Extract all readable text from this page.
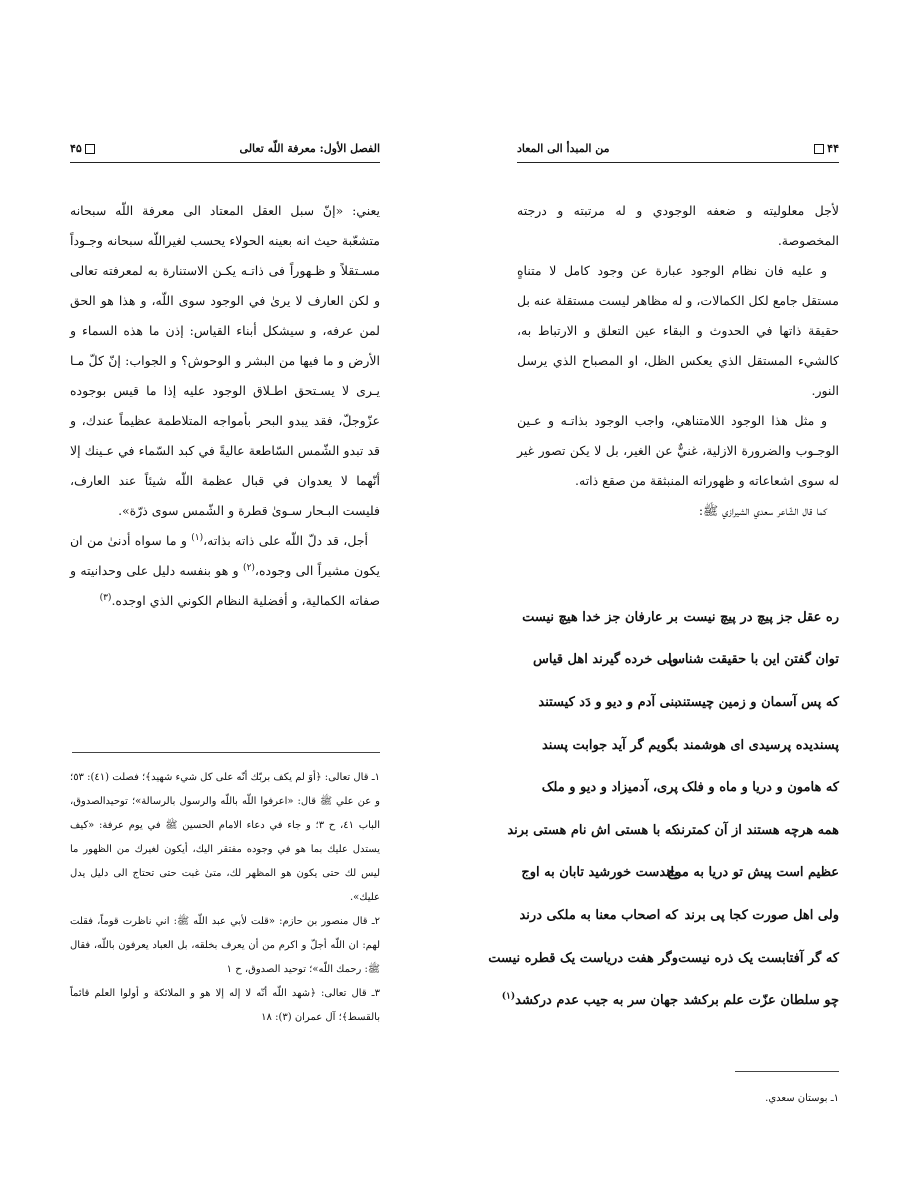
۴۵	الفصل الأول: معرفة اللّه تعالی

یعني: «إنّ سبل العقل المعتاد الی معرفة اللّه سبحانه متشعّبة حیث انه بعینه الحولاء یحسب لغیراللّه سبحانه وجـوداً مسـتقلاً و ظـهوراً فی ذاتـه یکـن الاستنارة به لمعرفته تعالی و لکن العارف لا یریٰ في الوجود سوی اللّه، و هذا هو الحق لمن عرفه، و سیشکل أبناء القیاس: إذن ما هذه السماء و الأرض و ما فیها من البشر و الوحوش؟ و الجواب: إنّ کلّ مـا یـری لا یسـتحق اطـلاق الوجود علیه إذا ما قیس بوجوده عزّوجلّ، فقد یبدو البحر بأمواجه المتلاطمة عظیماً عندك، و قد تبدو الشّمس السّاطعة عالیةً في کبد السّماء في عـینك إلا أنّهما لا یعدوان في قبال عظمة اللّه شیئاً عند العارف، فلیست البـحار سـویٰ قطرة و الشّمس سوی ذرّة».

أجل، قد دلّ اللّه علی ذاته بذاته،$^{(١)}$ و ما سواه أدنیٰ من ان یکون مشیراً الی وجوده،$^{(٢)}$ و هو بنفسه دلیل علی وحدانیته و صفاته الکمالیة، و أفضلیة النظام الکوني الذي اوجده.$^{(٣)}$

١ـ قال تعالی: ﴿أوَ لم یکف بربّك أنّه علی کل شيء شهید﴾؛ فصلت (٤١): ٥٣؛ و عن علي ﷺ قال: «اعرفوا اللّه باللّه والرسول بالرسالة»؛ توحیدالصدوق، الباب ٤١، ح ٣؛ و جاء في دعاء الامام الحسین ﷺ في یوم عرفة: «کیف یستدل علیك بما هو في وجوده مفتقر الیك، أیکون لغیرك من الظهور ما لیس لك حتی یکون هو المظهر لك، متیٰ غبت حتی تحتاج الی دلیل یدل علیك».

٢ـ قال منصور بن حازم: «قلت لأبي عبد اللّه ﷺ: اني ناظرت قوماً، فقلت لهم: ان اللّه أجلّ و اکرم من أن یعرف بخلقه، بل العباد یعرفون باللّه، فقال ﷺ: رحمك اللّه»؛ توحید الصدوق، ح ١

٣ـ قال تعالی: ﴿شهد اللّه أنّه لا إله إلا هو و الملائکة و أولوا العلم قائماً بالقسط﴾؛ آل عمران (٣): ١٨

۴۴
من المبدأ الی المعاد

لأجل معلولیته و ضعفه الوجودي و له مرتبته و درجته المخصوصة.

و علیه فان نظام الوجود عبارة عن وجود کامل لا متناهٍ مستقل جامع لکل الکمالات، و له مظاهر لیست مستقلة عنه بل حقیقة ذاتها في الحدوث و البقاء عین التعلق و الارتباط به، کالشيء المستقل الذي یعکس الظل، او المصباح الذي یرسل النور.

و مثل هذا الوجود اللامتناهي، واجب الوجود بذاتـه و عـین الوجـوب والضرورة الازلیة، غنيٌّ عن الغیر، بل لا یکن تصور غیر له سوی اشعاعاته و ظهوراته المنبثقة من صقع ذاته.

کما قال الشّاعر سعدي الشیرازي ﷺ:

ره عقل جز پیچ در پیچ نیست
بر عارفان جز خدا هیچ نیست
توان گفتن این با حقیقت شناس
ولی خرده گیرند اهل قیاس
که پس آسمان و زمین چیستند
بنی آدم و دیو و دَد کیستند
پسندیده پرسیدی ای هوشمند
بگویم گر آید جوابت پسند
که هامون و دریا و ماه و فلک
پری، آدمیزاد و دیو و ملک
همه هرچه هستند از آن کمترند
که با هستی اش نام هستی برند
عظیم است پیش تو دریا به موج
بلندست خورشید تابان به اوج
ولی اهل صورت کجا پی برند
که اصحاب معنا به ملکی درند
که گر آفتابست یک ذره نیست
وگر هفت دریاست یک قطره نیست
چو سلطان عزّت علم برکشد
جهان سر به جیب عدم درکشد$^{(١)}$

١ـ بوستان سعدي.
